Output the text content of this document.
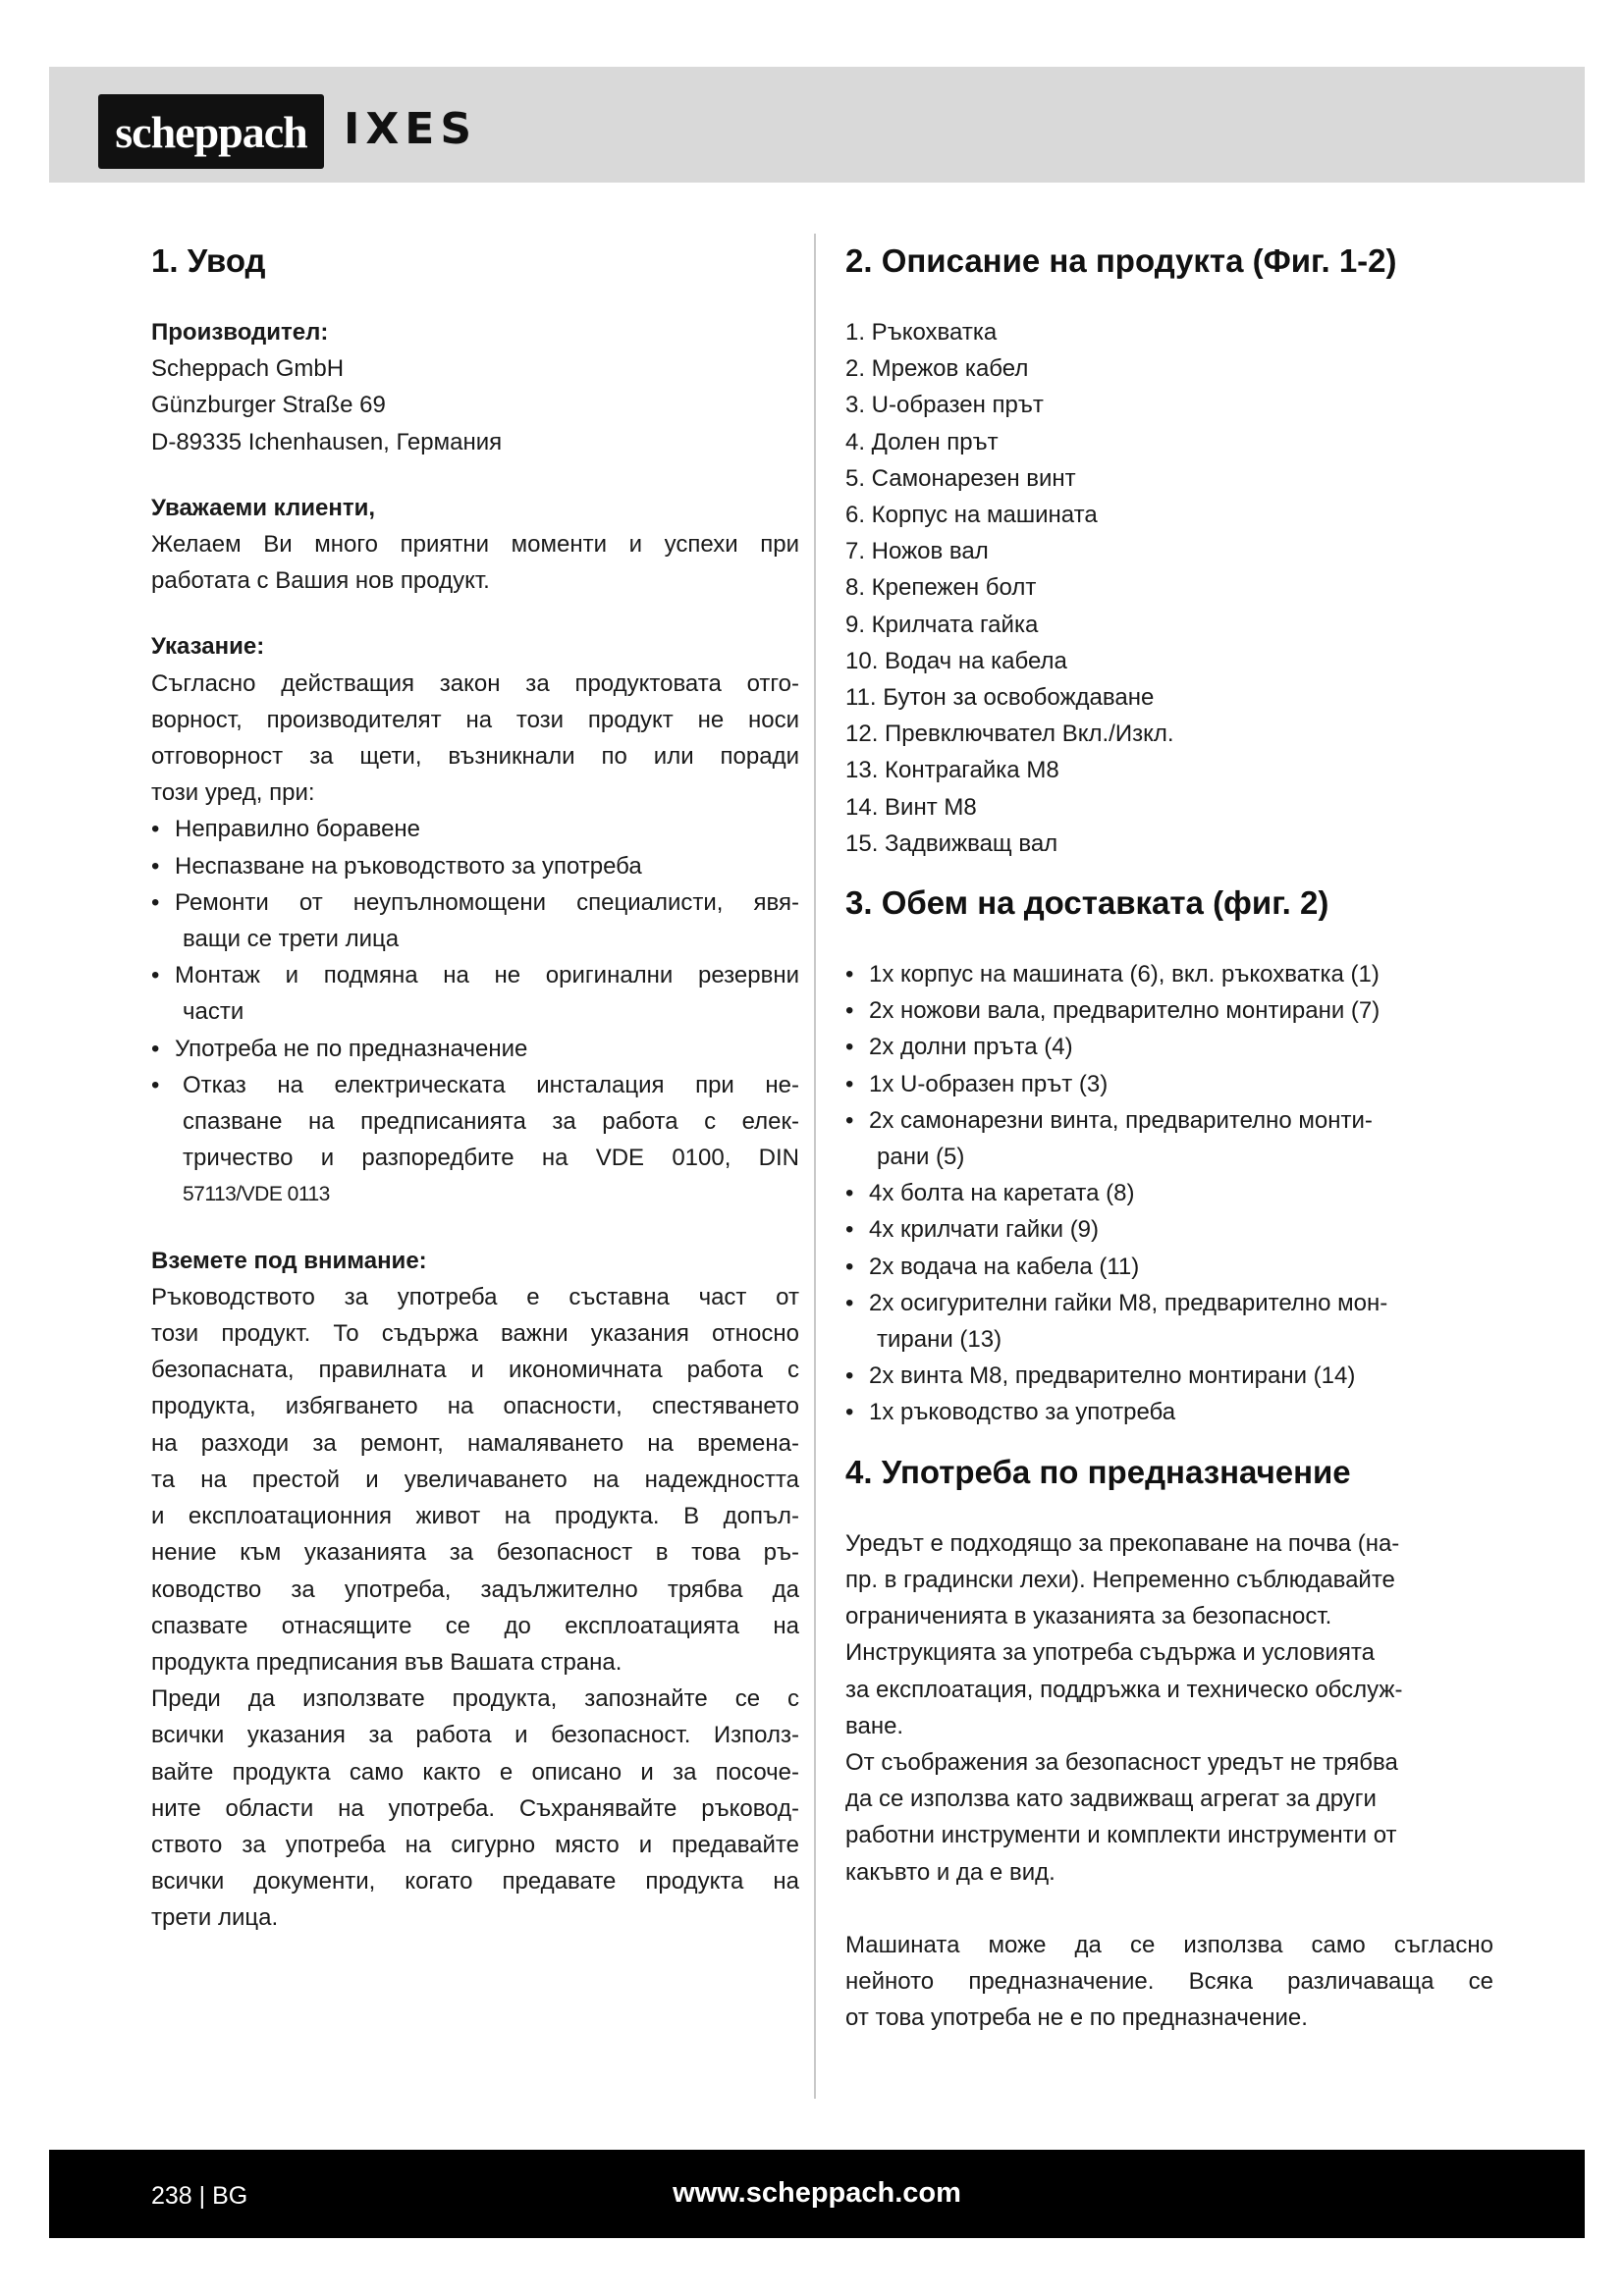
scheppach IXES
1. Увод

Производител:

Scheppach GmbH

Günzburger Straße 69

D-89335 Ichenhausen, Германия

Уважаеми клиенти,

Желаем Ви много приятни моменти и успехи при

работата с Вашия нов продукт.

Указание:

Съгласно действащия закон за продуктовата отго-

ворност, производителят на този продукт не носи

отговорност за щети, възникнали по или поради

този уред, при:

• Неправилно боравене
• Неспазване на ръководството за употреба
• Ремонти от неупълномощени специалисти, явя-
ващи се трети лица
• Монтаж и подмяна на не оригинални резервни
части
• Употреба не по предназначение
• Отказ на електрическата инсталация при не-
спазване на предписанията за работа с елек-
тричество и разпоредбите на VDE 0100, DIN
57113/VDE 0113

Вземете под внимание:

Ръководството за употреба е съставна част от

този продукт. То съдържа важни указания относно

безопасната, правилната и икономичната работа с

продукта, избягването на опасности, спестяването

на разходи за ремонт, намаляването на времена-

та на престой и увеличаването на надеждността

и експлоатационния живот на продукта. В допъл-

нение към указанията за безопасност в това ръ-

ководство за употреба, задължително трябва да

спазвате отнасящите се до експлоатацията на

продукта предписания във Вашата страна.

Преди да използвате продукта, запознайте се с

всички указания за работа и безопасност. Използ-

вайте продукта само както е описано и за посоче-

ните области на употреба. Съхранявайте ръковод-

ството за употреба на сигурно място и предавайте

всички документи, когато предавате продукта на

трети лица.

2. Описание на продукта (Фиг. 1-2)
1. Ръкохватка
2. Мрежов кабел
3. U-образен прът
4. Долен прът
5. Самонарезен винт
6. Корпус на машината
7. Ножов вал
8. Крепежен болт
9. Крилчата гайка
10. Водач на кабела
11. Бутон за освобождаване
12. Превключвател Вкл./Изкл.
13. Контрагайка M8
14. Винт M8
15. Задвижващ вал
3. Обем на доставката (фиг. 2)
• 1x корпус на машината (6), вкл. ръкохватка (1)
• 2x ножови вала, предварително монтирани (7)
• 2x долни пръта (4)
• 1x U-образен прът (3)
• 2x самонарезни винта, предварително монти-
рани (5)
• 4x болта на каретата (8)
• 4x крилчати гайки (9)
• 2x водача на кабела (11)
• 2x осигурителни гайки M8, предварително мон-
тирани (13)
• 2x винта M8, предварително монтирани (14)
• 1x ръководство за употреба
4. Употреба по предназначение

Уредът е подходящо за прекопаване на почва (на-

пр. в градински лехи). Непременно съблюдавайте

ограниченията в указанията за безопасност.

Инструкцията за употреба съдържа и условията

за експлоатация, поддръжка и техническо обслуж-

ване.

От съображения за безопасност уредът не трябва

да се използва като задвижващ агрегат за други

работни инструменти и комплекти инструменти от

какъвто и да е вид.

Машината може да се използва само съгласно

нейното предназначение. Всяка различаваща се

от това употреба не е по предназначение.

238 | BG	www.scheppach.com
